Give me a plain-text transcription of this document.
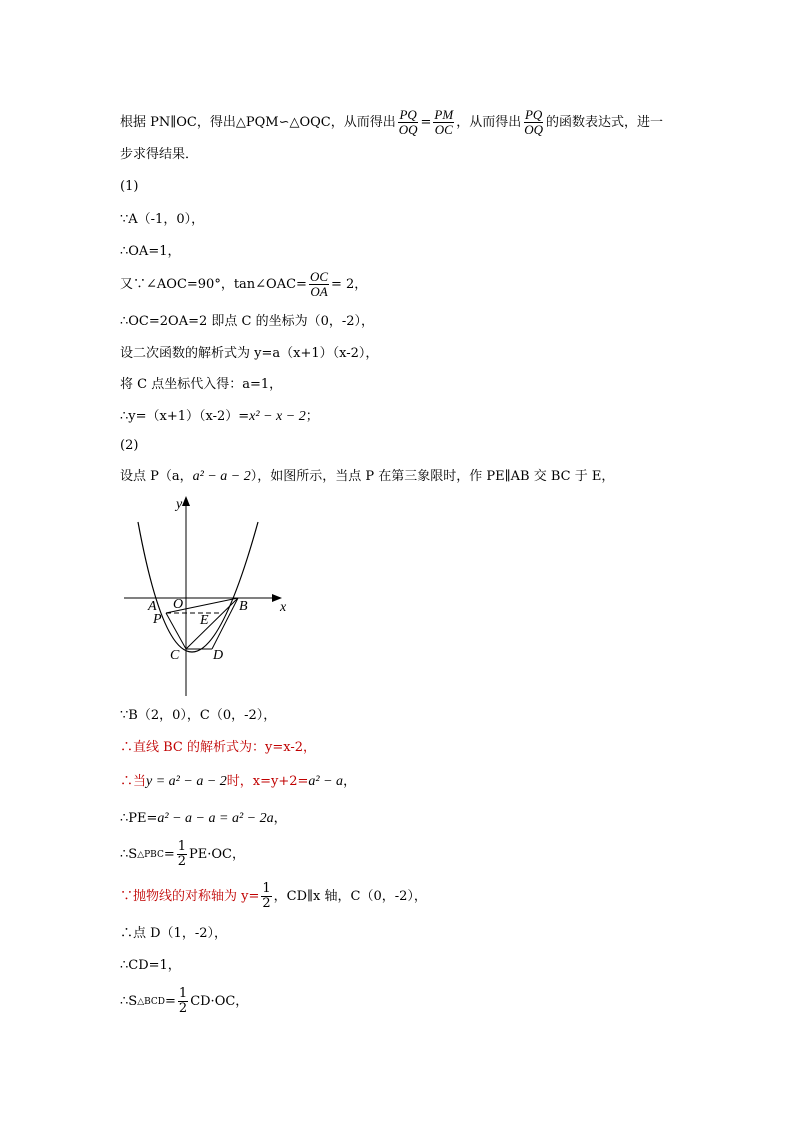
根据 PN∥OC，得出△PQM∽△OQC，从而得出 $\frac{PQ}{OQ} = \frac{PM}{OC}$ ，从而得出 $\frac{PQ}{OQ}$ 的函数表达式，进一
步求得结果．
(1)
∵A（-1，0），
∴OA=1，
又∵∠AOC=90°，tan∠OAC= $\frac{OC}{OA} = 2$，
∴OC=2OA=2 即点 C 的坐标为（0，-2），
设二次函数的解析式为 y=a（x+1）（x-2），
将 C 点坐标代入得：a=1，
∴y=（x+1）（x-2）= x² − x − 2 ；
(2)
设点 P（a， a² − a − 2 ），如图所示，当点 P 在第三象限时，作 PE∥AB 交 BC 于 E，
y
x
A O	B
P	E
C D
∵B（2，0），C（0，-2），
∴直线 BC 的解析式为：y=x-2，
∴当 y = a² − a − 2 时，x=y+2= a² − a ，
∴PE= a² − a − a = a² − 2a ，
∴S △PBC = $\frac{1}{2} PE\cdot OC$，
∵抛物线的对称轴为 $y= \frac{1}{2}$ ，CD∥x 轴，C（0，-2），
∴点 D（1，-2），
∴CD=1，
∴S △BCD = $\frac{1}{2} CD\cdot OC$，
